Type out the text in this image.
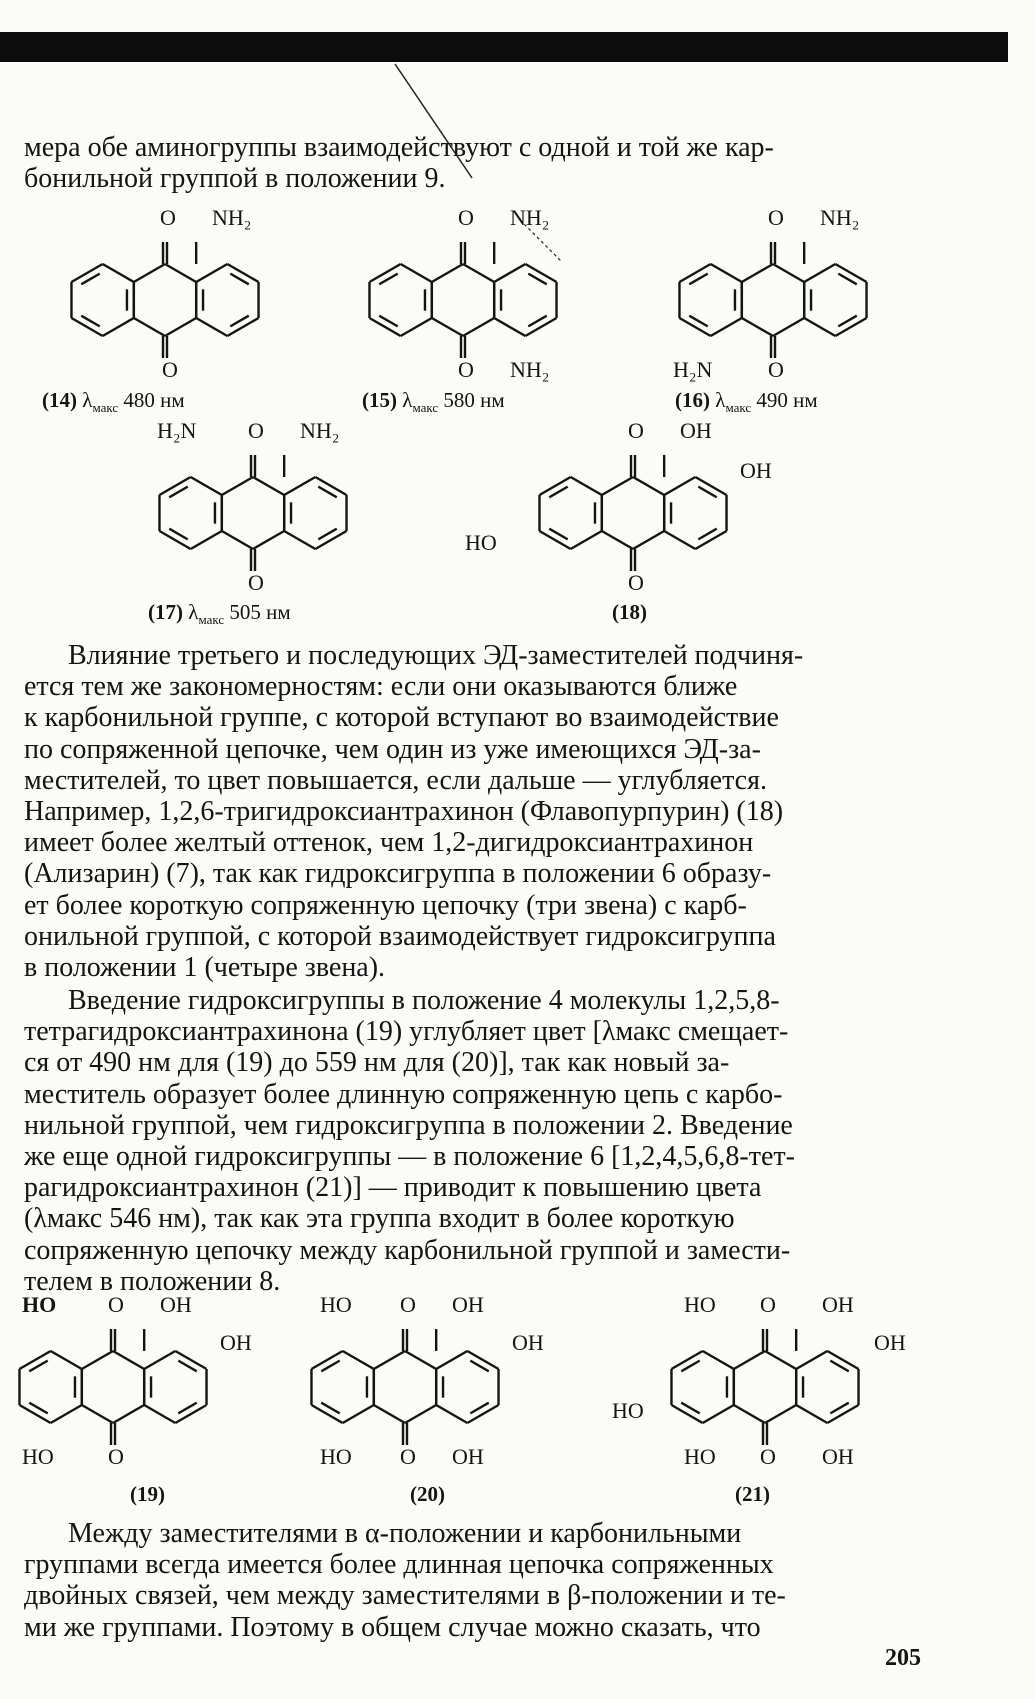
мера обе аминогруппы взаимодействуют с одной и той же кар-
бонильной группой в положении 9.
O
O
NH₂
(14) $\lambda_{макс}$ 480 нм
O
O
NH₂
NH₂
(15) $\lambda_{макс}$ 580 нм
O
O
NH₂
H₂N
(16) $\lambda_{макс}$ 490 нм
O
O
NH₂
H₂N
(17) $\lambda_{макс}$ 505 нм
O
O
OH
OH
HO
(18)
Влияние третьего и последующих ЭД-заместителей подчиня-
ется тем же закономерностям: если они оказываются ближе
к карбонильной группе, с которой вступают во взаимодействие
по сопряженной цепочке, чем один из уже имеющихся ЭД-за-
местителей, то цвет повышается, если дальше — углубляется.
Например, 1,2,6-тригидроксиантрахинон (Флавопурпурин) (18)
имеет более желтый оттенок, чем 1,2-дигидроксиантрахинон
(Ализарин) (7), так как гидроксигруппа в положении 6 образу-
ет более короткую сопряженную цепочку (три звена) с карб-
онильной группой, с которой взаимодействует гидроксигруппа
в положении 1 (четыре звена).
Введение гидроксигруппы в положение 4 молекулы 1,2,5,8-
тетрагидроксиантрахинона (19) углубляет цвет [λмакс смещает-
ся от 490 нм для (19) до 559 нм для (20)], так как новый за-
меститель образует более длинную сопряженную цепь с карбо-
нильной группой, чем гидроксигруппа в положении 2. Введение
же еще одной гидроксигруппы — в положение 6 [1,2,4,5,6,8-тет-
рагидроксиантрахинон (21)] — приводит к повышению цвета
(λмакс 546 нм), так как эта группа входит в более короткую
сопряженную цепочку между карбонильной группой и замести-
телем в положении 8.
O
O
HO	OH
OH
HO
(19)
O
O
HO	OH
OH
HO	OH
(20)
O
O
HO	OH
OH
HO
HO	OH
(21)
Между заместителями в α-положении и карбонильными
группами всегда имеется более длинная цепочка сопряженных
двойных связей, чем между заместителями в β-положении и те-
ми же группами. Поэтому в общем случае можно сказать, что
205
